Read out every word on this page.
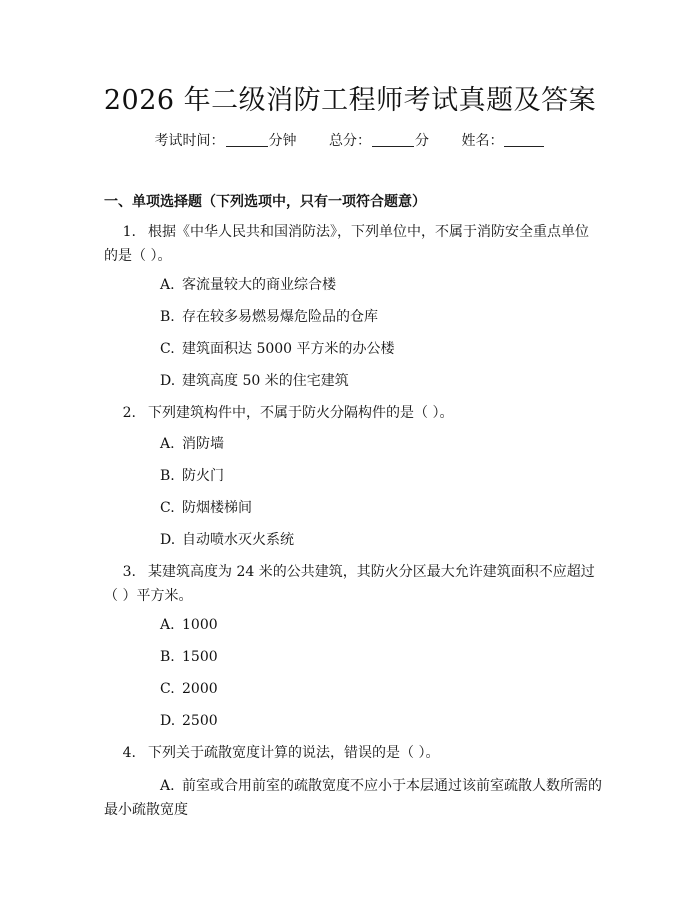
2026 年二级消防工程师考试真题及答案
考试时间：	分钟 总分：	分 姓名：
一、单项选择题（下列选项中，只有一项符合题意）
1. 根据《中华人民共和国消防法》，下列单位中，不属于消防安全重点单位
的是（ ）。
A. 客流量较大的商业综合楼
B. 存在较多易燃易爆危险品的仓库
C. 建筑面积达 5000 平方米的办公楼
D. 建筑高度 50 米的住宅建筑
2. 下列建筑构件中，不属于防火分隔构件的是（ ）。
A. 消防墙
B. 防火门
C. 防烟楼梯间
D. 自动喷水灭火系统
3. 某建筑高度为 24 米的公共建筑，其防火分区最大允许建筑面积不应超过
（ ）平方米。
A. 1000
B. 1500
C. 2000
D. 2500
4. 下列关于疏散宽度计算的说法，错误的是（ ）。
A. 前室或合用前室的疏散宽度不应小于本层通过该前室疏散人数所需的
最小疏散宽度
